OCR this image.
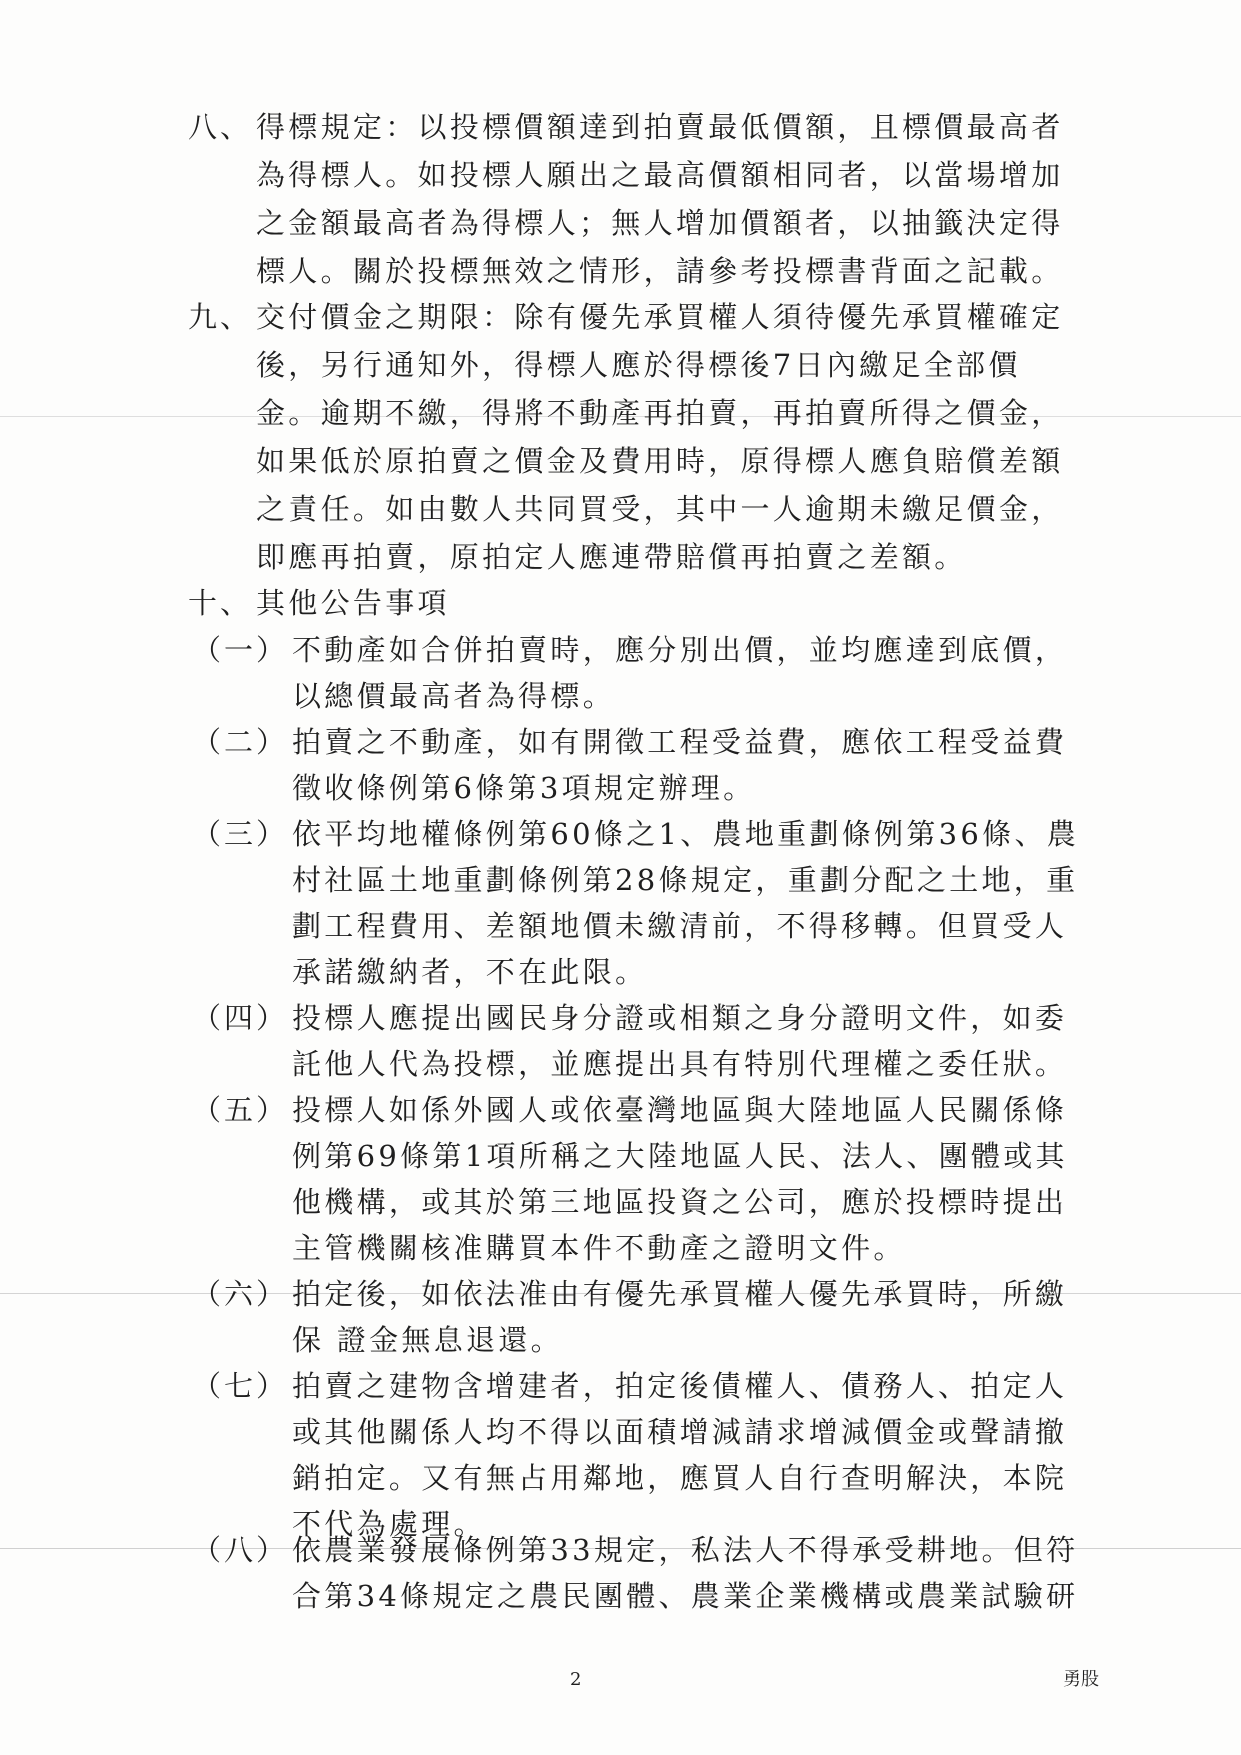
八、 得標規定：以投標價額達到拍賣最低價額，且標價最高者
為得標人。如投標人願出之最高價額相同者，以當場增加
之金額最高者為得標人；無人增加價額者，以抽籤決定得
標人。關於投標無效之情形，請參考投標書背面之記載。
九、 交付價金之期限：除有優先承買權人須待優先承買權確定
後，另行通知外，得標人應於得標後7日內繳足全部價
金。逾期不繳，得將不動產再拍賣，再拍賣所得之價金，
如果低於原拍賣之價金及費用時，原得標人應負賠償差額
之責任。如由數人共同買受，其中一人逾期未繳足價金，
即應再拍賣，原拍定人應連帶賠償再拍賣之差額。
十、 其他公告事項
（一） 不動產如合併拍賣時，應分別出價，並均應達到底價，
以總價最高者為得標。
（二） 拍賣之不動產，如有開徵工程受益費，應依工程受益費
徵收條例第6條第3項規定辦理。
（三） 依平均地權條例第60條之1、農地重劃條例第36條、農
村社區土地重劃條例第28條規定，重劃分配之土地，重
劃工程費用、差額地價未繳清前，不得移轉。但買受人
承諾繳納者，不在此限。
（四） 投標人應提出國民身分證或相類之身分證明文件，如委
託他人代為投標，並應提出具有特別代理權之委任狀。
（五） 投標人如係外國人或依臺灣地區與大陸地區人民關係條
例第69條第1項所稱之大陸地區人民、法人、團體或其
他機構，或其於第三地區投資之公司，應於投標時提出
主管機關核准購買本件不動產之證明文件。
（六） 拍定後，如依法准由有優先承買權人優先承買時，所繳
保 證金無息退還。
（七） 拍賣之建物含增建者，拍定後債權人、債務人、拍定人
或其他關係人均不得以面積增減請求增減價金或聲請撤
銷拍定。又有無占用鄰地，應買人自行查明解決，本院
不代為處理。
（八） 依農業發展條例第33規定，私法人不得承受耕地。但符
合第34條規定之農民團體、農業企業機構或農業試驗研
2	勇股
